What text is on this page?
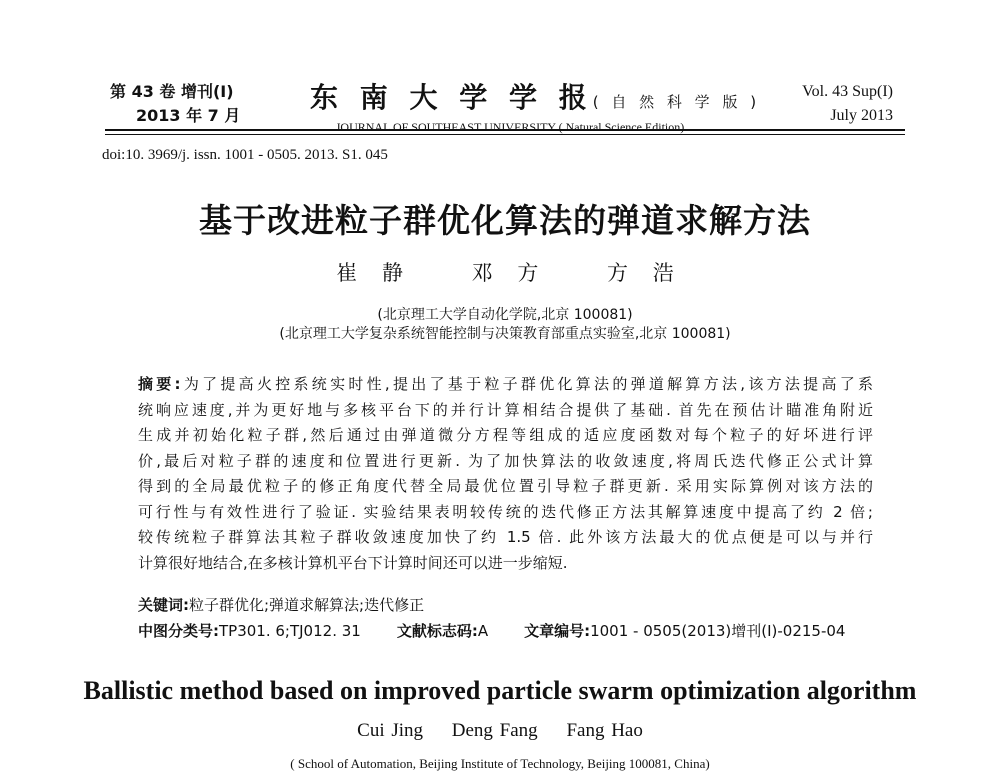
第 43 卷 增刊(I)
2013 年 7 月
东 南 大 学 学 报( 自 然 科 学 版 )
JOURNAL OF SOUTHEAST UNIVERSITY ( Natural Science Edition)
Vol. 43 Sup(I)
July 2013
doi:10. 3969/j. issn. 1001 - 0505. 2013. S1. 045
基于改进粒子群优化算法的弹道求解方法
崔 静	邓 方	方 浩
(北京理工大学自动化学院,北京 100081)
(北京理工大学复杂系统智能控制与决策教育部重点实验室,北京 100081)
摘要:为了提高火控系统实时性,提出了基于粒子群优化算法的弹道解算方法,该方法提高了系
统响应速度,并为更好地与多核平台下的并行计算相结合提供了基础. 首先在预估计瞄准角附近
生成并初始化粒子群,然后通过由弹道微分方程等组成的适应度函数对每个粒子的好坏进行评
价,最后对粒子群的速度和位置进行更新. 为了加快算法的收敛速度,将周氏迭代修正公式计算
得到的全局最优粒子的修正角度代替全局最优位置引导粒子群更新. 采用实际算例对该方法的
可行性与有效性进行了验证. 实验结果表明较传统的迭代修正方法其解算速度中提高了约 2 倍;
较传统粒子群算法其粒子群收敛速度加快了约 1.5 倍. 此外该方法最大的优点便是可以与并行
计算很好地结合,在多核计算机平台下计算时间还可以进一步缩短.
关键词:粒子群优化;弹道求解算法;迭代修正
中图分类号:TP301. 6;TJ012. 31 文献标志码:A 文章编号:1001 - 0505(2013)增刊(I)-0215-04
Ballistic method based on improved particle swarm optimization algorithm
Cui Jing Deng Fang Fang Hao
( School of Automation, Beijing Institute of Technology, Beijing 100081, China)
